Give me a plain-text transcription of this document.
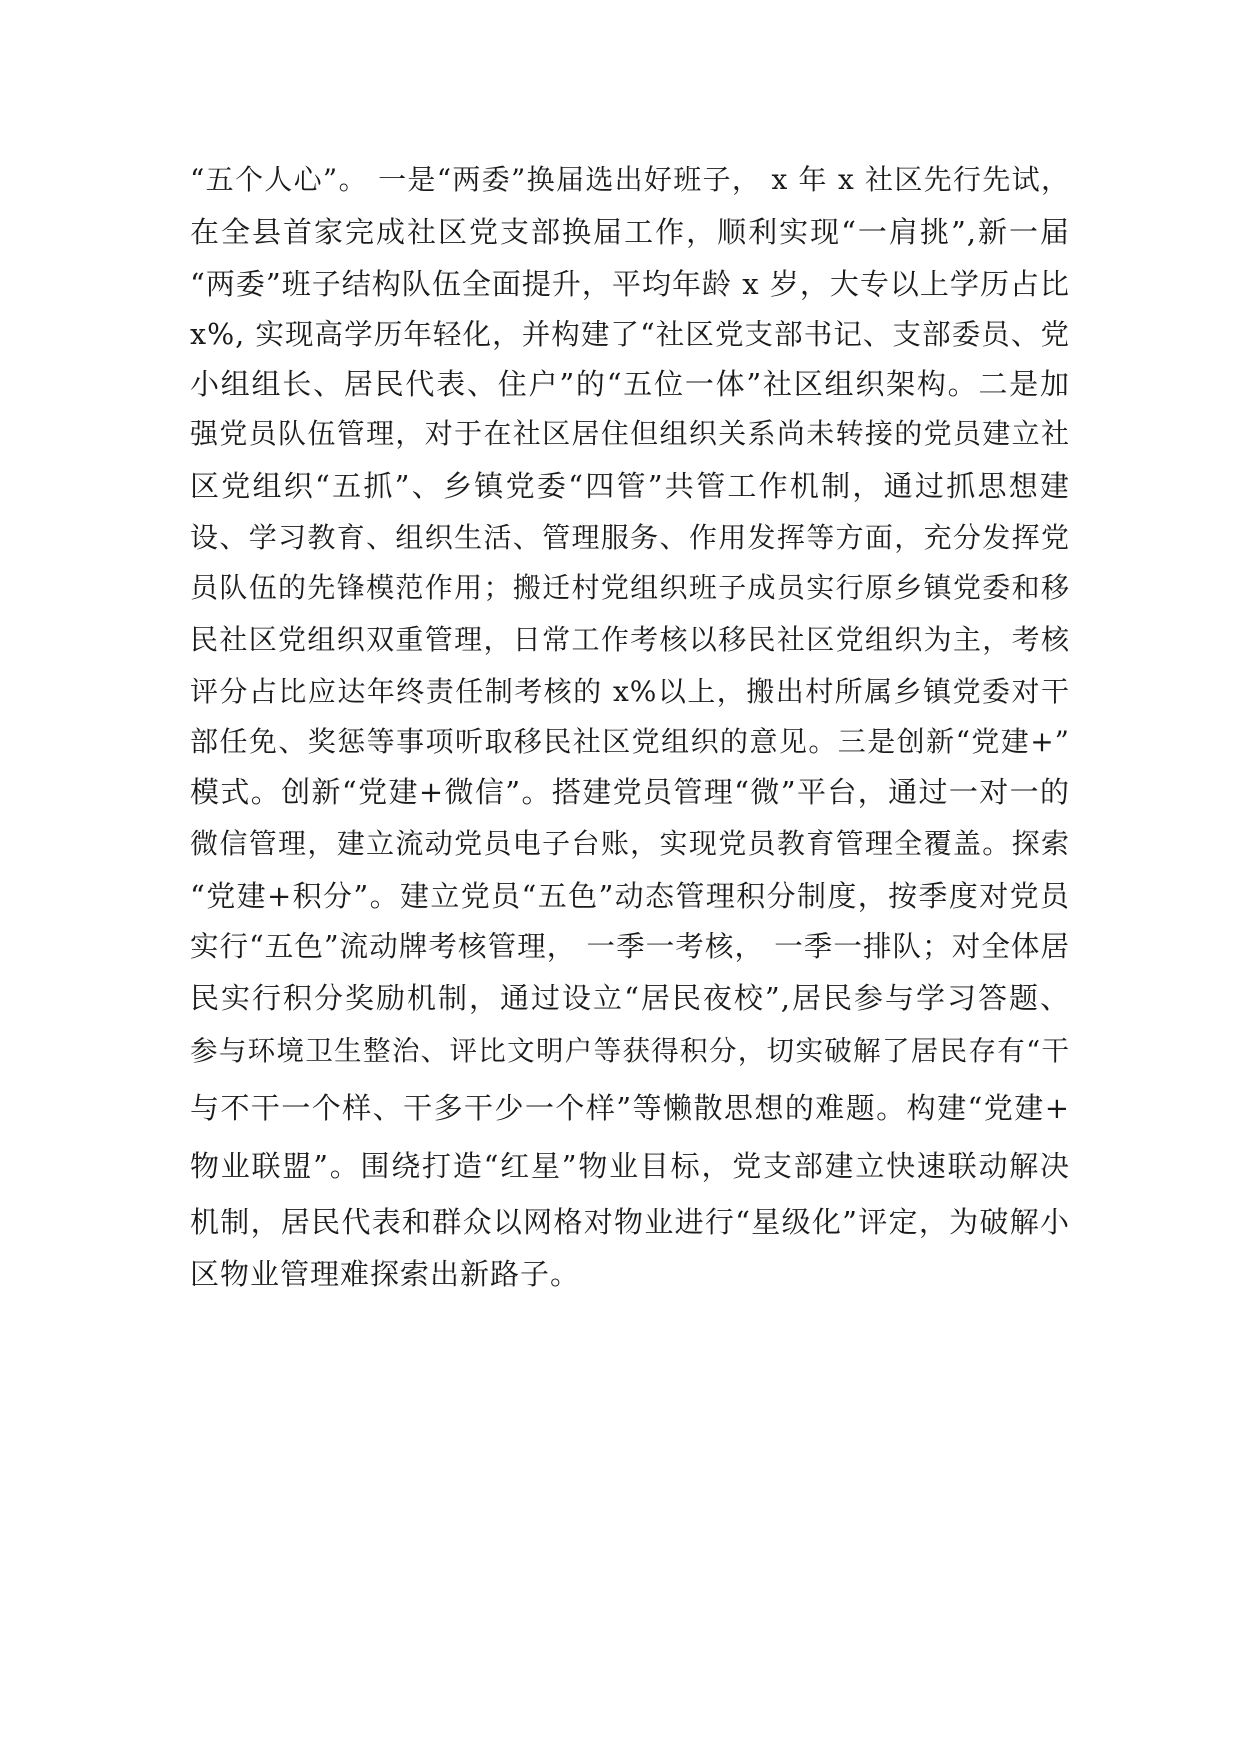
“五个人心”。 一是“两委”换届选出好班子， x 年 x 社区先行先试，
在全县首家完成社区党支部换届工作，顺利实现“一肩挑”,新一届
“两委”班子结构队伍全面提升，平均年龄 x 岁，大专以上学历占比
x%, 实现高学历年轻化，并构建了“社区党支部书记、支部委员、党
小组组长、居民代表、住户”的“五位一体”社区组织架构。二是加
强党员队伍管理，对于在社区居住但组织关系尚未转接的党员建立社
区党组织“五抓”、乡镇党委“四管”共管工作机制，通过抓思想建
设、学习教育、组织生活、管理服务、作用发挥等方面，充分发挥党
员队伍的先锋模范作用；搬迁村党组织班子成员实行原乡镇党委和移
民社区党组织双重管理，日常工作考核以移民社区党组织为主，考核
评分占比应达年终责任制考核的 x%以上，搬出村所属乡镇党委对干
部任免、奖惩等事项听取移民社区党组织的意见。三是创新“党建+”
模式。创新“党建+微信”。搭建党员管理“微”平台，通过一对一的
微信管理，建立流动党员电子台账，实现党员教育管理全覆盖。探索
“党建+积分”。建立党员“五色”动态管理积分制度，按季度对党员
实行“五色”流动牌考核管理， 一季一考核， 一季一排队；对全体居
民实行积分奖励机制，通过设立“居民夜校”,居民参与学习答题、
参与环境卫生整治、评比文明户等获得积分，切实破解了居民存有“干
与不干一个样、干多干少一个样”等懒散思想的难题。构建“党建+
物业联盟”。围绕打造“红星”物业目标，党支部建立快速联动解决
机制，居民代表和群众以网格对物业进行“星级化”评定，为破解小
区物业管理难探索出新路子。
